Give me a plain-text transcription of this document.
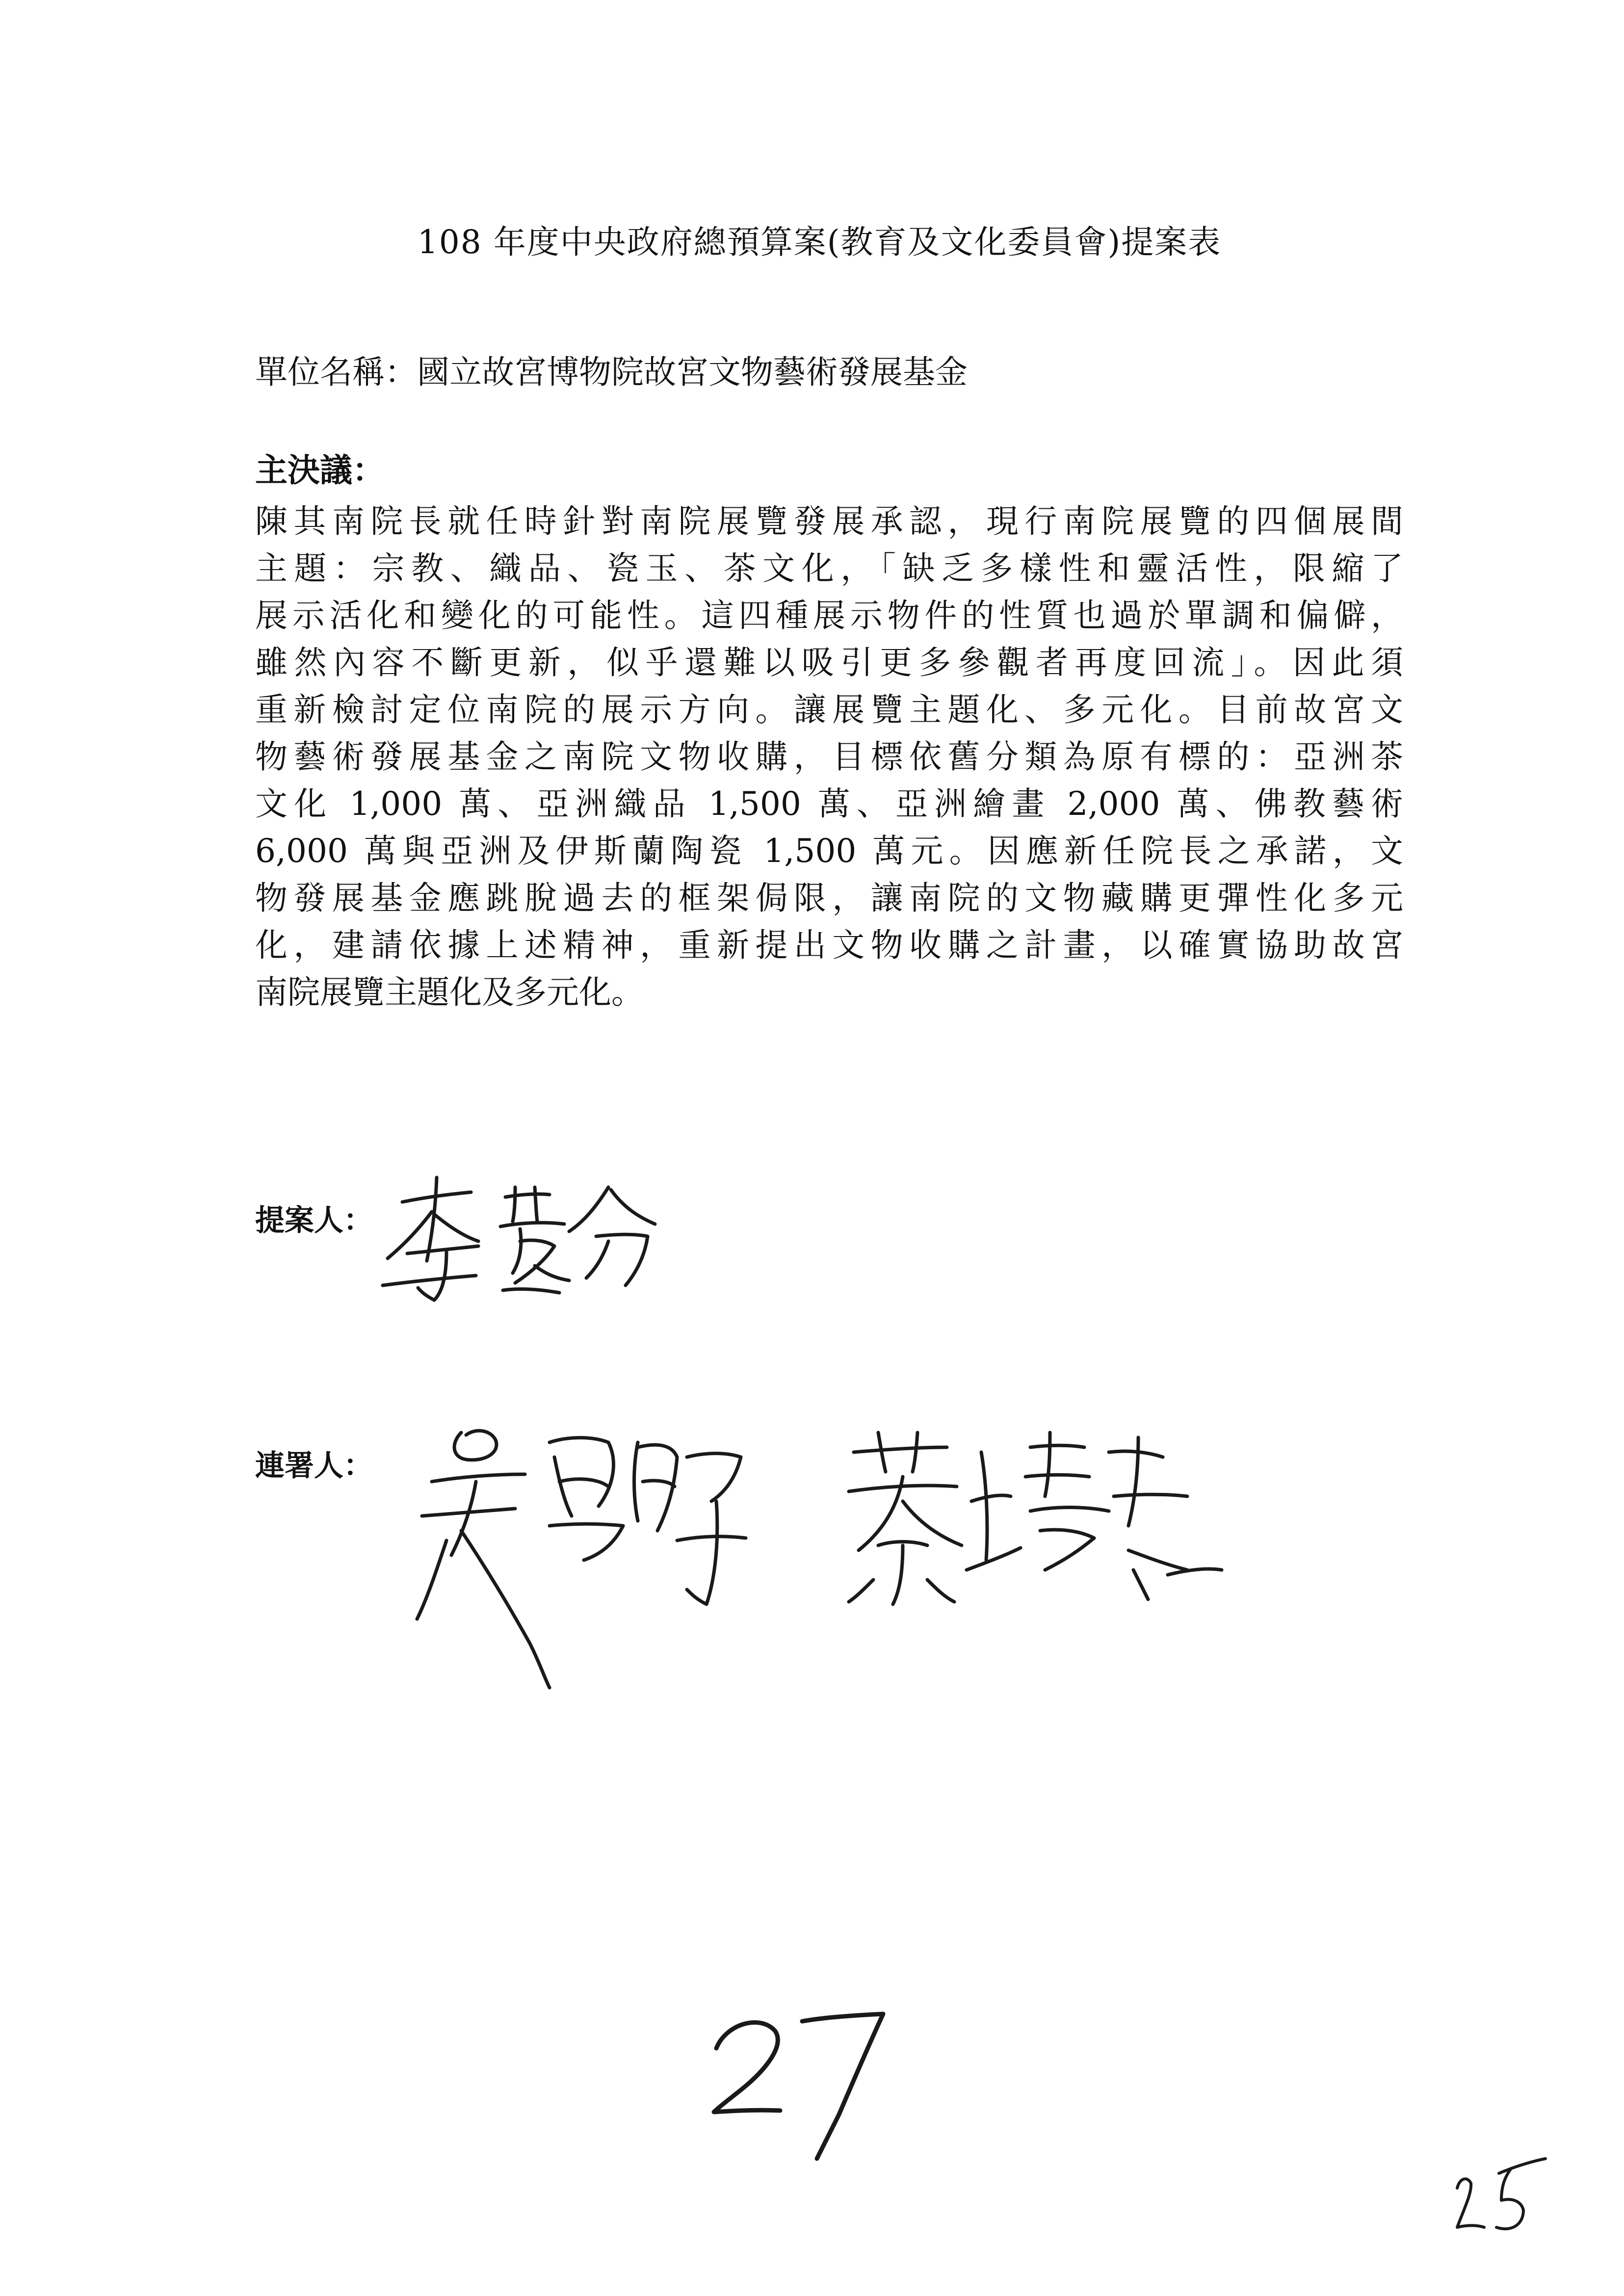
108 年度中央政府總預算案(教育及文化委員會)提案表
單位名稱：國立故宮博物院故宮文物藝術發展基金
主決議：
陳其南院長就任時針對南院展覽發展承認，現行南院展覽的四個展間
主題：宗教、織品、瓷玉、茶文化，「缺乏多樣性和靈活性，限縮了
展示活化和變化的可能性。這四種展示物件的性質也過於單調和偏僻，
雖然內容不斷更新，似乎還難以吸引更多參觀者再度回流」。因此須
重新檢討定位南院的展示方向。讓展覽主題化、多元化。目前故宮文
物藝術發展基金之南院文物收購，目標依舊分類為原有標的：亞洲茶
文化 1,000 萬、亞洲織品 1,500 萬、亞洲繪畫 2,000 萬、佛教藝術
6,000 萬與亞洲及伊斯蘭陶瓷 1,500 萬元。因應新任院長之承諾，文
物發展基金應跳脫過去的框架侷限，讓南院的文物藏購更彈性化多元
化，建請依據上述精神，重新提出文物收購之計畫，以確實協助故宮
南院展覽主題化及多元化。
提案人：
連署人：
